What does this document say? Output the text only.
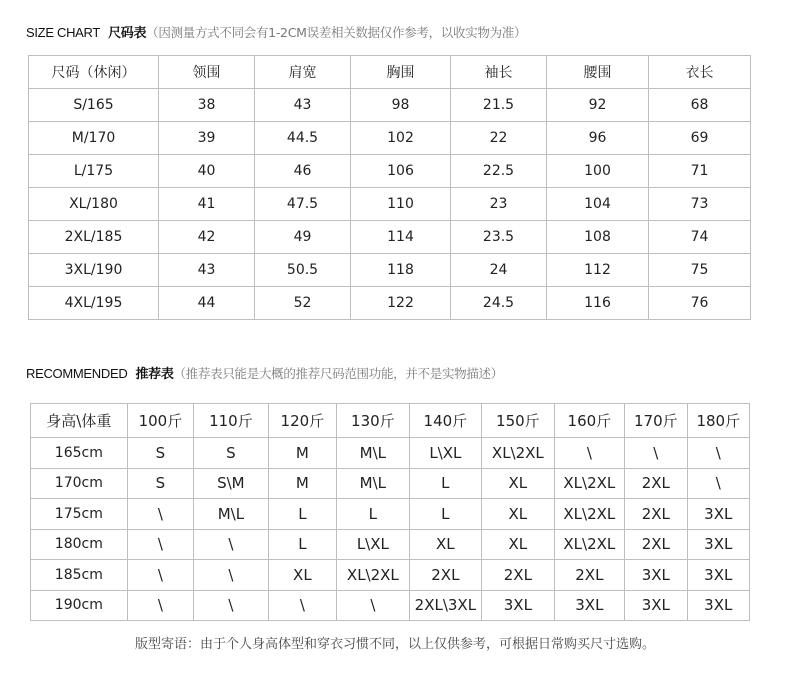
SIZE CHART 尺码表（因测量方式不同会有1-2CM误差相关数据仅作参考，以收实物为准）
尺码（休闲）	领围	肩宽	胸围	袖长	腰围	衣长
S/165	38	43	98	21.5	92	68
M/170	39	44.5	102	22	96	69
L/175	40	46	106	22.5	100	71
XL/180	41	47.5	110	23	104	73
2XL/185	42	49	114	23.5	108	74
3XL/190	43	50.5	118	24	112	75
4XL/195	44	52	122	24.5	116	76
RECOMMENDED 推荐表（推荐表只能是大概的推荐尺码范围功能，并不是实物描述）
身高\体重	100斤	110斤	120斤	130斤	140斤	150斤	160斤	170斤	180斤
165cm	S	S	M	M\L	L\XL	XL\2XL	\	\	\
170cm	S	S\M	M	M\L	L	XL	XL\2XL	2XL	\
175cm	\	M\L	L	L	L	XL	XL\2XL	2XL	3XL
180cm	\	\	L	L\XL	XL	XL	XL\2XL	2XL	3XL
185cm	\	\	XL	XL\2XL	2XL	2XL	2XL	3XL	3XL
190cm	\	\	\	\	2XL\3XL	3XL	3XL	3XL	3XL
版型寄语：由于个人身高体型和穿衣习惯不同，以上仅供参考，可根据日常购买尺寸选购。
